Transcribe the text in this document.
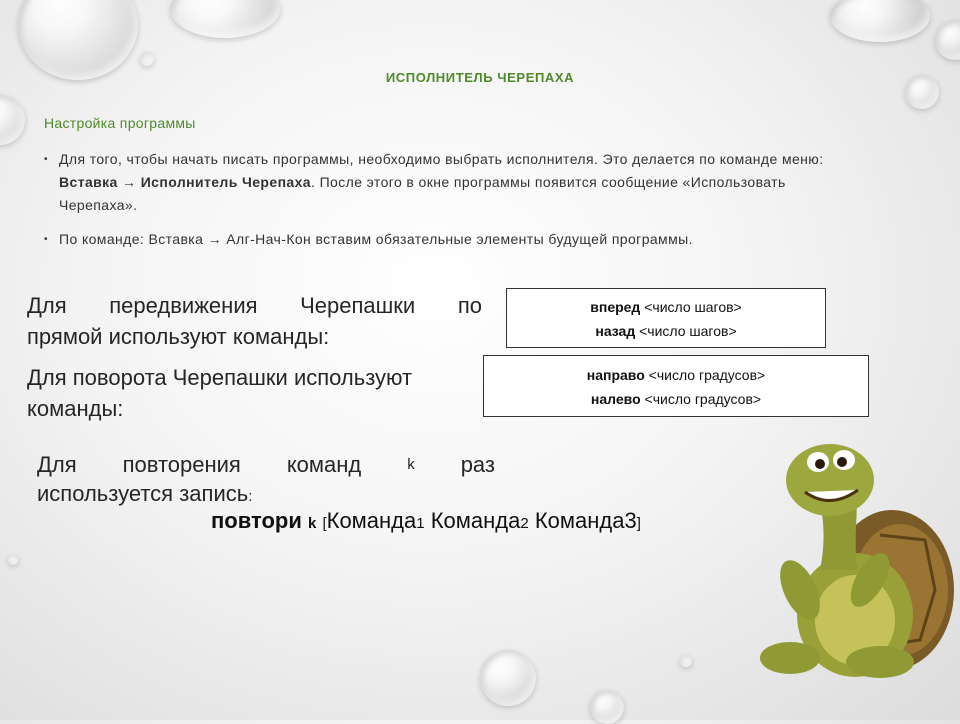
ИСПОЛНИТЕЛЬ ЧЕРЕПАХА
Настройка программы
• Для того, чтобы начать писать программы, необходимо выбрать исполнителя. Это делается по команде меню: Вставка → Исполнитель Черепаха. После этого в окне программы появится сообщение «Использовать Черепаха».
• По команде: Вставка → Алг-Нач-Кон вставим обязательные элементы будущей программы.
Для передвижения Черепашки по
прямой используют команды:
вперед <число шагов>
назад <число шагов>
Для поворота Черепашки используют команды:
направо <число градусов>
налево <число градусов>
Для повторения команд	k раз
используется запись:
повтори k [Команда1 Команда2 Команда3]
